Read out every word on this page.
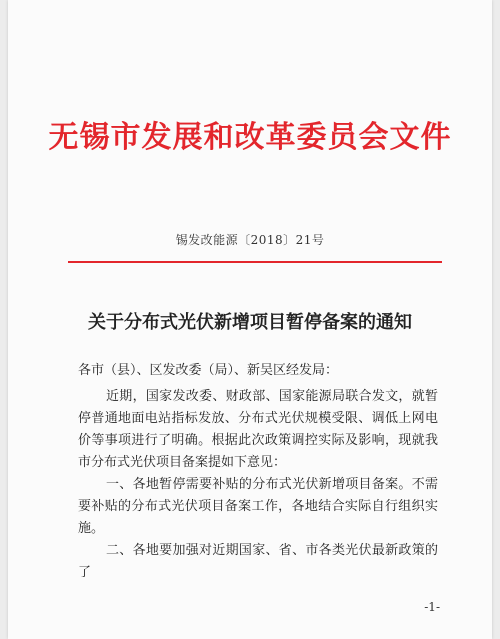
无锡市发展和改革委员会文件
锡发改能源〔2018〕21号
关于分布式光伏新增项目暂停备案的通知

各市（县）、区发改委（局）、新吴区经发局：

近期，国家发改委、财政部、国家能源局联合发文，就暂停普通地面电站指标发放、分布式光伏规模受限、调低上网电价等事项进行了明确。根据此次政策调控实际及影响，现就我市分布式光伏项目备案提如下意见：

一、各地暂停需要补贴的分布式光伏新增项目备案。不需要补贴的分布式光伏项目备案工作，各地结合实际自行组织实施。

二、各地要加强对近期国家、省、市各类光伏最新政策的了

-1-
